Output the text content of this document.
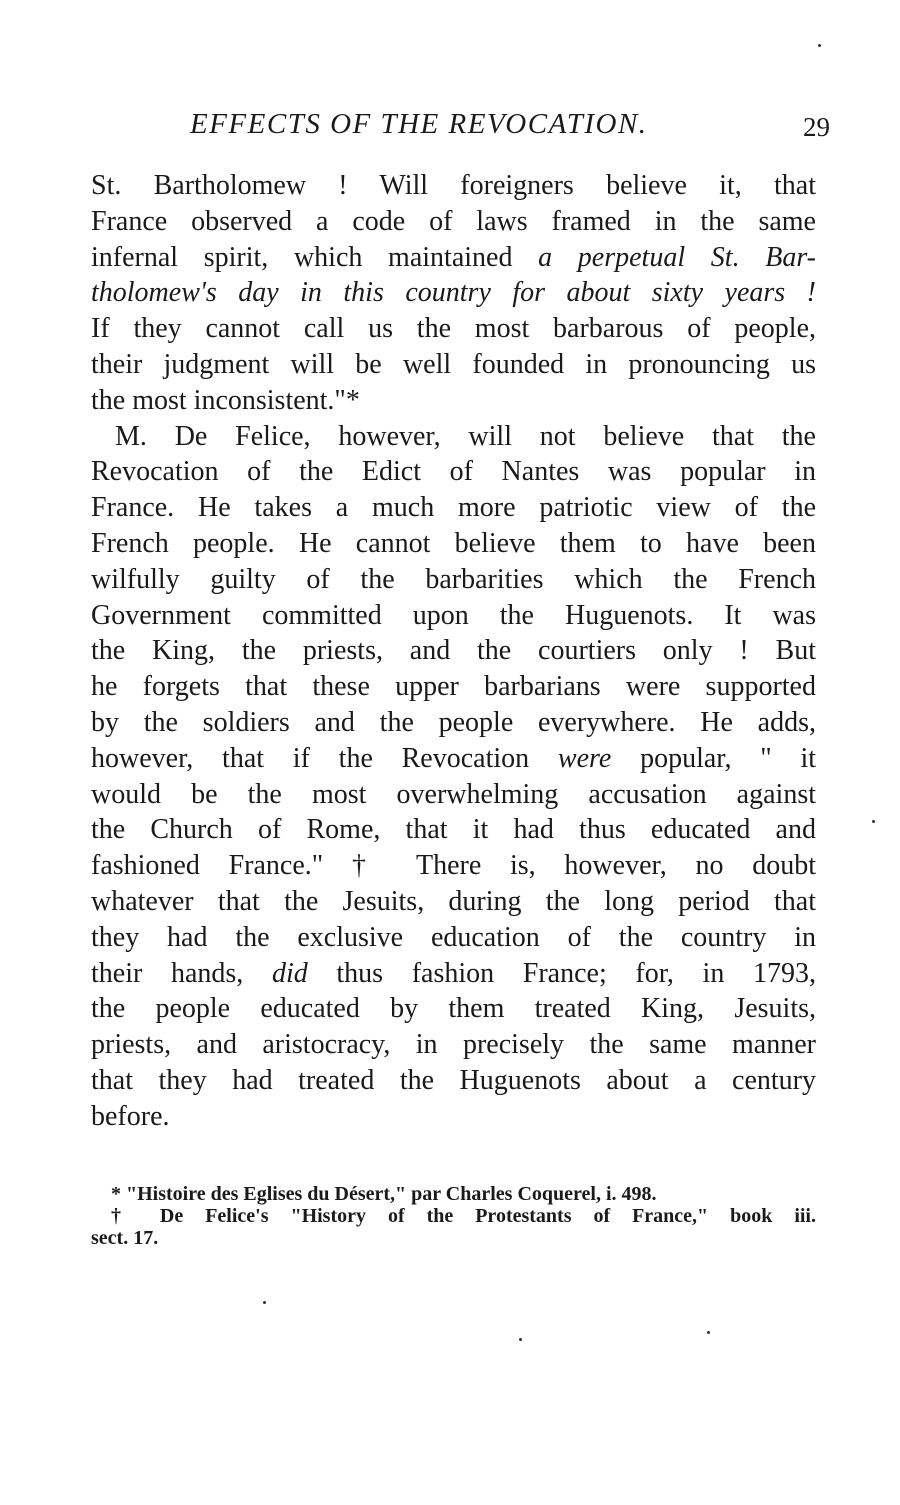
EFFECTS OF THE REVOCATION.	29
St. Bartholomew ! Will foreigners believe it, that
France observed a code of laws framed in the same
infernal spirit, which maintained a perpetual St. Bar-
tholomew's day in this country for about sixty years !
If they cannot call us the most barbarous of people,
their judgment will be well founded in pronouncing us
the most inconsistent."*
M. De Felice, however, will not believe that the
Revocation of the Edict of Nantes was popular in
France. He takes a much more patriotic view of the
French people. He cannot believe them to have been
wilfully guilty of the barbarities which the French
Government committed upon the Huguenots. It was
the King, the priests, and the courtiers only ! But
he forgets that these upper barbarians were supported
by the soldiers and the people everywhere. He adds,
however, that if the Revocation were popular, " it
would be the most overwhelming accusation against
the Church of Rome, that it had thus educated and
fashioned France." † There is, however, no doubt
whatever that the Jesuits, during the long period that
they had the exclusive education of the country in
their hands, did thus fashion France; for, in 1793,
the people educated by them treated King, Jesuits,
priests, and aristocracy, in precisely the same manner
that they had treated the Huguenots about a century
before.
* "Histoire des Eglises du Désert," par Charles Coquerel, i. 498.
† De Felice's "History of the Protestants of France," book iii.
sect. 17.
